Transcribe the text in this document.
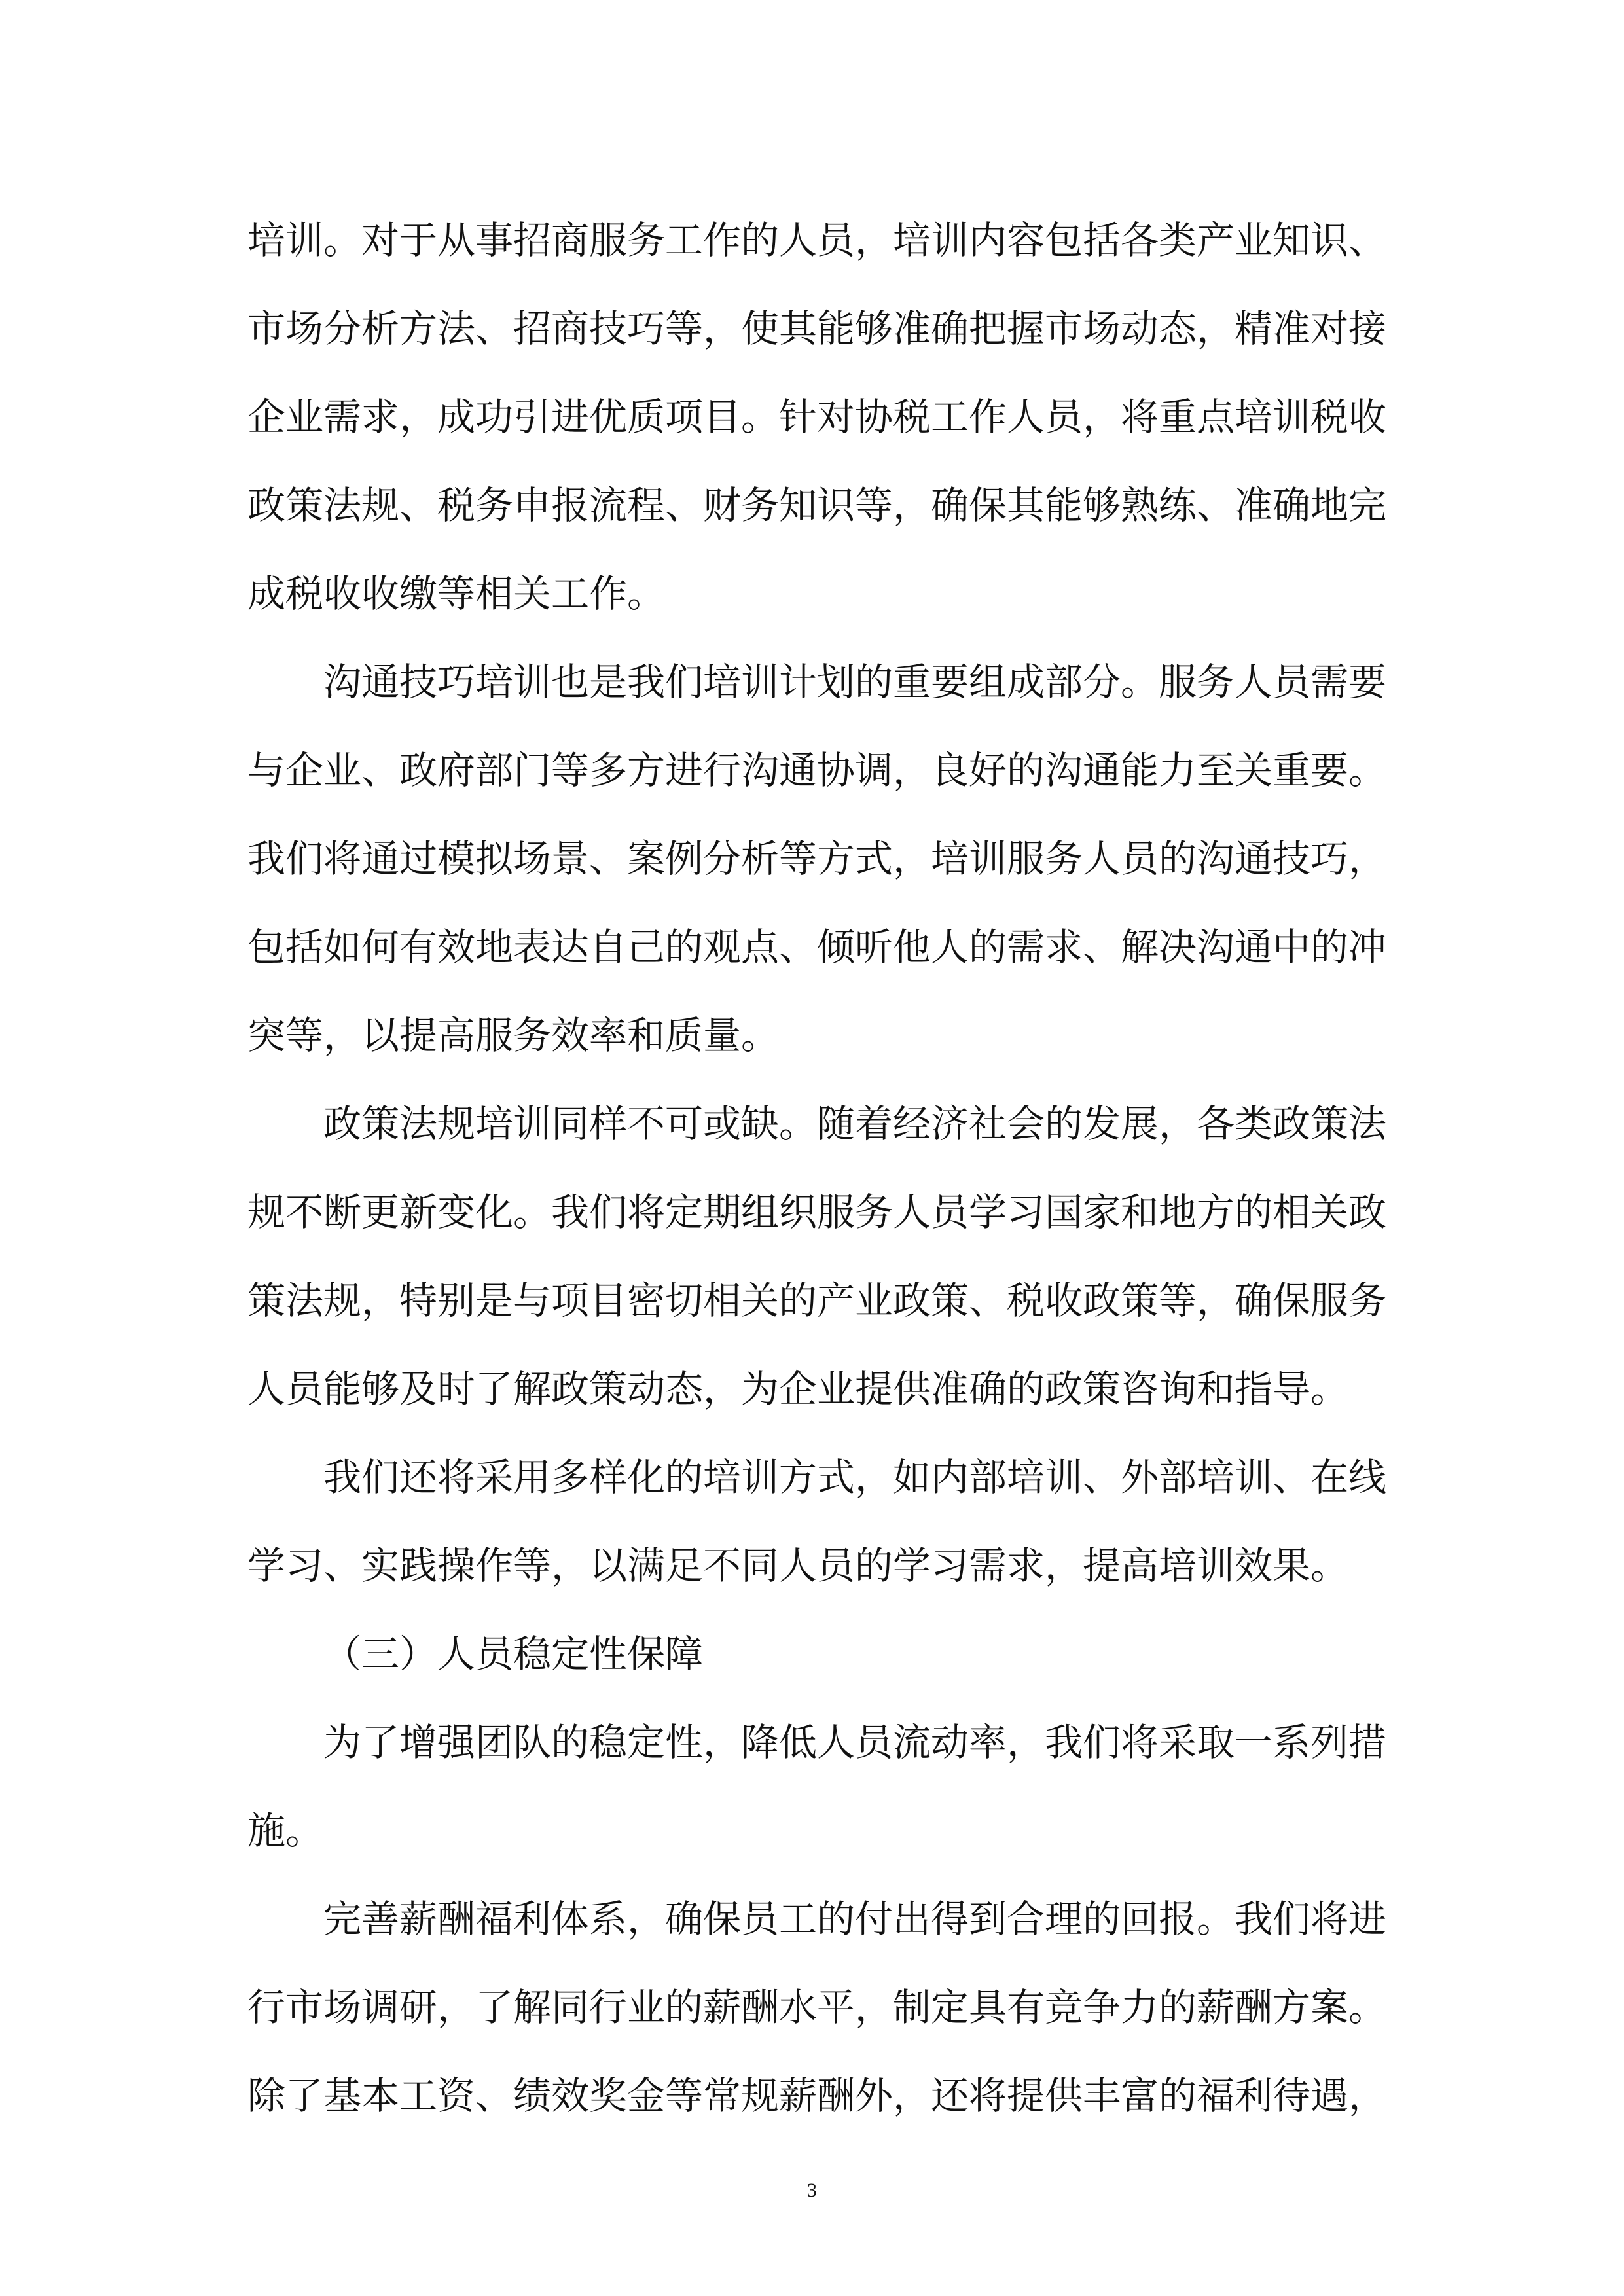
培训。对于从事招商服务工作的人员，培训内容包括各类产业知识、
市场分析方法、招商技巧等，使其能够准确把握市场动态，精准对接
企业需求，成功引进优质项目。针对协税工作人员，将重点培训税收
政策法规、税务申报流程、财务知识等，确保其能够熟练、准确地完
成税收收缴等相关工作。
沟通技巧培训也是我们培训计划的重要组成部分。服务人员需要
与企业、政府部门等多方进行沟通协调，良好的沟通能力至关重要。
我们将通过模拟场景、案例分析等方式，培训服务人员的沟通技巧，
包括如何有效地表达自己的观点、倾听他人的需求、解决沟通中的冲
突等，以提高服务效率和质量。
政策法规培训同样不可或缺。随着经济社会的发展，各类政策法
规不断更新变化。我们将定期组织服务人员学习国家和地方的相关政
策法规，特别是与项目密切相关的产业政策、税收政策等，确保服务
人员能够及时了解政策动态，为企业提供准确的政策咨询和指导。
我们还将采用多样化的培训方式，如内部培训、外部培训、在线
学习、实践操作等，以满足不同人员的学习需求，提高培训效果。
（三）人员稳定性保障
为了增强团队的稳定性，降低人员流动率，我们将采取一系列措
施。
完善薪酬福利体系，确保员工的付出得到合理的回报。我们将进
行市场调研，了解同行业的薪酬水平，制定具有竞争力的薪酬方案。
除了基本工资、绩效奖金等常规薪酬外，还将提供丰富的福利待遇，
3
